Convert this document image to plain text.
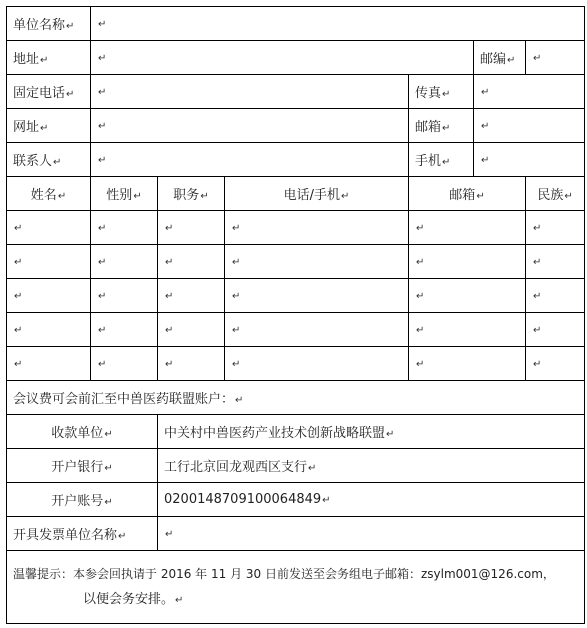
单位名称↵	↵					
地址↵	↵				邮编↵	↵
固定电话↵	↵			传真↵	↵	
网址↵	↵			邮箱↵	↵	
联系人↵	↵			手机↵	↵	
姓名↵	性别↵	职务↵	电话/手机↵	邮箱↵		民族↵
↵	↵	↵	↵	↵		↵
↵	↵	↵	↵	↵		↵
↵	↵	↵	↵	↵		↵
↵	↵	↵	↵	↵		↵
↵	↵	↵	↵	↵		↵
会议费可会前汇至中兽医药联盟账户：↵						
收款单位↵		中关村中兽医药产业技术创新战略联盟↵				
开户银行↵		工行北京回龙观西区支行↵				
开户账号↵		0200148709100064849↵				
开具发票单位名称↵		↵				

温馨提示：本参会回执请于 2016 年 11 月 30 日前发送至会务组电子邮箱：zsylm001@126.com，
以便会务安排。↵						
